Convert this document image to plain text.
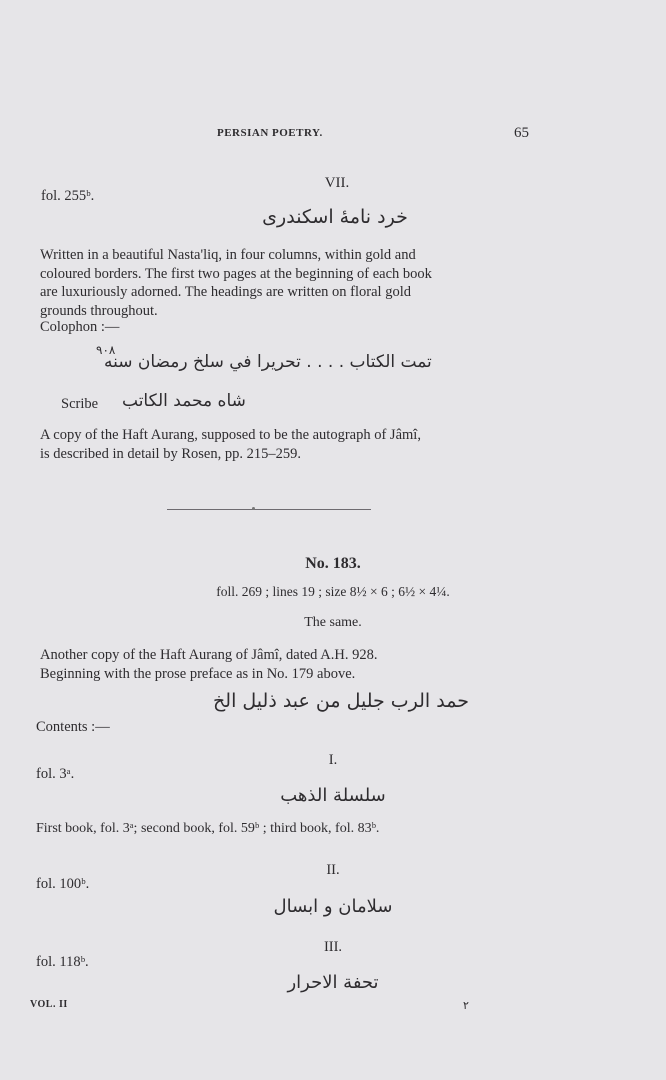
PERSIAN POETRY.	65
VII.
fol. 255ᵇ.
خرد نامهٔ اسکندری
Written in a beautiful Nasta'liq, in four columns, within gold and
coloured borders. The first two pages at the beginning of each book
are luxuriously adorned. The headings are written on floral gold
grounds throughout.
Colophon :—
تمت الكتاب . . . . تحريرا في سلخ رمضان سنه
٩٠٨
Scribe شاه محمد الكاتب
A copy of the Haft Aurang, supposed to be the autograph of Jâmî,
is described in detail by Rosen, pp. 215–259.
No. 183.
foll. 269 ; lines 19 ; size 8½ × 6 ; 6½ × 4¼.
The same.
Another copy of the Haft Aurang of Jâmî, dated A.H. 928.
Beginning with the prose preface as in No. 179 above.
حمد الرب جليل من عبد ذليل الخ
Contents :—
I.
fol. 3ᵃ.
سلسلة الذهب
First book, fol. 3ᵃ; second book, fol. 59ᵇ ; third book, fol. 83ᵇ.
II.
fol. 100ᵇ.
سلامان و ابسال
III.
fol. 118ᵇ.
تحفة الاحرار
VOL. II	۲
